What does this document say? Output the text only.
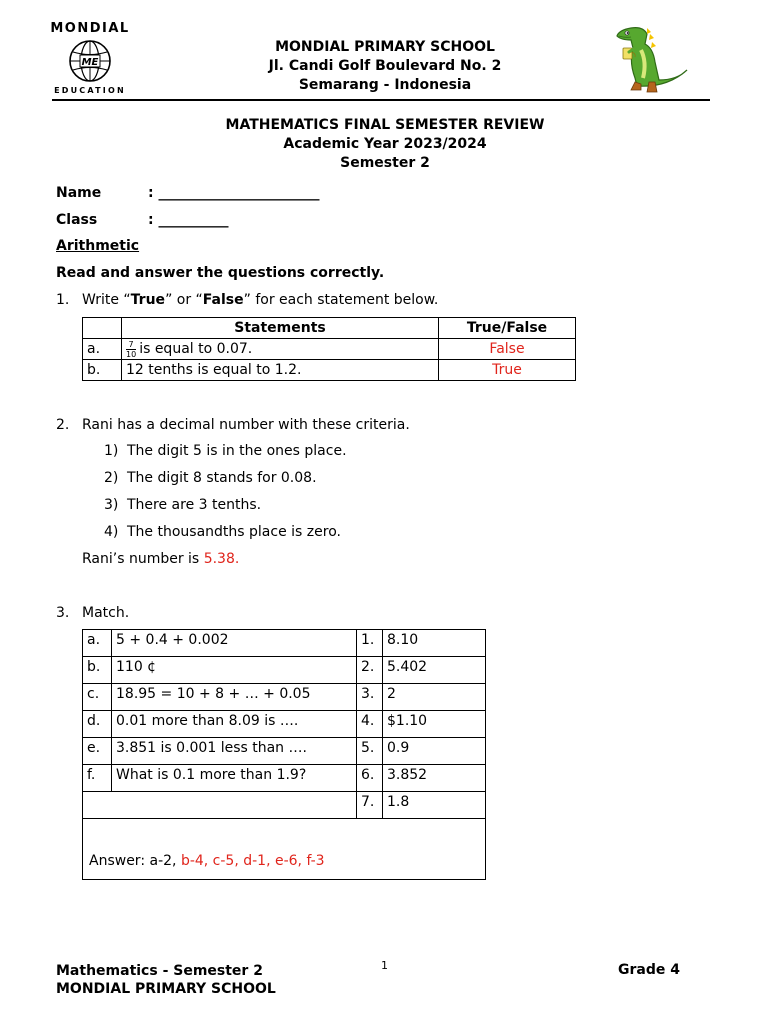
MONDIAL
ME
EDUCATION
MONDIAL PRIMARY SCHOOL
Jl. Candi Golf Boulevard No. 2
Semarang - Indonesia
MATHEMATICS FINAL SEMESTER REVIEW
Academic Year 2023/2024
Semester 2
Name	: _______________________
Class	: __________
Arithmetic
Read and answer the questions correctly.
1. Write “True” or “False” for each statement below.
	Statements	True/False
a.	$\frac{7}{10}$ is equal to 0.07.	False
b.	12 tenths is equal to 1.2.	True
2. Rani has a decimal number with these criteria.
1) The digit 5 is in the ones place.
2) The digit 8 stands for 0.08.
3) There are 3 tenths.
4) The thousandths place is zero.
Rani’s number is 5.38.
3. Match.
a.	5 + 0.4 + 0.002	1.	8.10
b.	110 ¢	2.	5.402
c.	18.95 = 10 + 8 + … + 0.05	3.	2
d.	0.01 more than 8.09 is ….	4.	$1.10
e.	3.851 is 0.001 less than ….	5.	0.9
f.	What is 0.1 more than 1.9?	6.	3.852
		7.	1.8
Answer: a-2, b-4, c-5, d-1, e-6, f-3			
Mathematics - Semester 2
MONDIAL PRIMARY SCHOOL
1	Grade 4
